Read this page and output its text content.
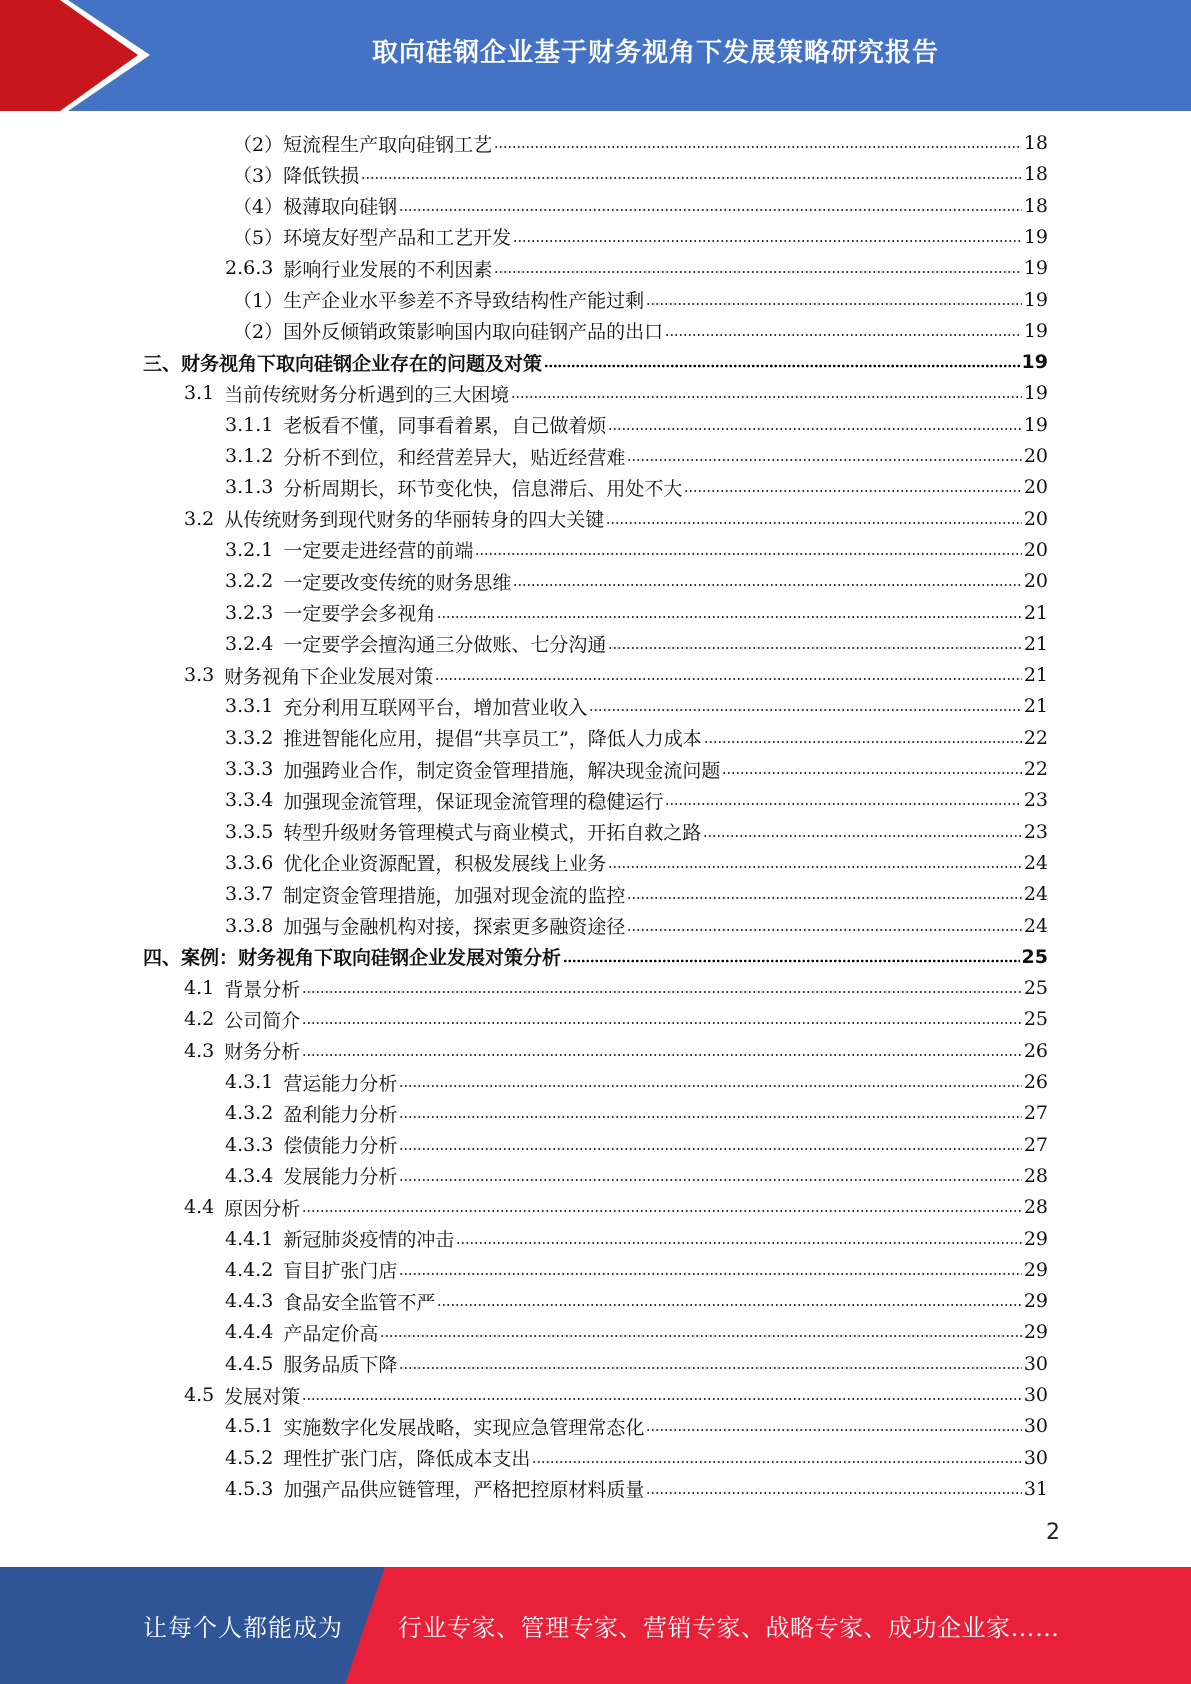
取向硅钢企业基于财务视角下发展策略研究报告
（2）短流程生产取向硅钢工艺	18
（3）降低铁损	18
（4）极薄取向硅钢	18
（5）环境友好型产品和工艺开发	19
2.6.3 影响行业发展的不利因素	19
（1）生产企业水平参差不齐导致结构性产能过剩	19
（2）国外反倾销政策影响国内取向硅钢产品的出口	19
三、财务视角下取向硅钢企业存在的问题及对策	19
3.1 当前传统财务分析遇到的三大困境	19
3.1.1 老板看不懂，同事看着累，自己做着烦	19
3.1.2 分析不到位，和经营差异大，贴近经营难	20
3.1.3 分析周期长，环节变化快，信息滞后、用处不大	20
3.2 从传统财务到现代财务的华丽转身的四大关键	20
3.2.1 一定要走进经营的前端	20
3.2.2 一定要改变传统的财务思维	20
3.2.3 一定要学会多视角	21
3.2.4 一定要学会擅沟通三分做账、七分沟通	21
3.3 财务视角下企业发展对策	21
3.3.1 充分利用互联网平台，增加营业收入	21
3.3.2 推进智能化应用，提倡“共享员工”，降低人力成本	22
3.3.3 加强跨业合作，制定资金管理措施，解决现金流问题	22
3.3.4 加强现金流管理，保证现金流管理的稳健运行	23
3.3.5 转型升级财务管理模式与商业模式，开拓自救之路	23
3.3.6 优化企业资源配置，积极发展线上业务	24
3.3.7 制定资金管理措施，加强对现金流的监控	24
3.3.8 加强与金融机构对接，探索更多融资途径	24
四、案例：财务视角下取向硅钢企业发展对策分析	25
4.1 背景分析	25
4.2 公司简介	25
4.3 财务分析	26
4.3.1 营运能力分析	26
4.3.2 盈利能力分析	27
4.3.3 偿债能力分析	27
4.3.4 发展能力分析	28
4.4 原因分析	28
4.4.1 新冠肺炎疫情的冲击	29
4.4.2 盲目扩张门店	29
4.4.3 食品安全监管不严	29
4.4.4 产品定价高	29
4.4.5 服务品质下降	30
4.5 发展对策	30
4.5.1 实施数字化发展战略，实现应急管理常态化	30
4.5.2 理性扩张门店，降低成本支出	30
4.5.3 加强产品供应链管理，严格把控原材料质量	31
2
让每个人都能成为 行业专家、管理专家、营销专家、战略专家、成功企业家……
